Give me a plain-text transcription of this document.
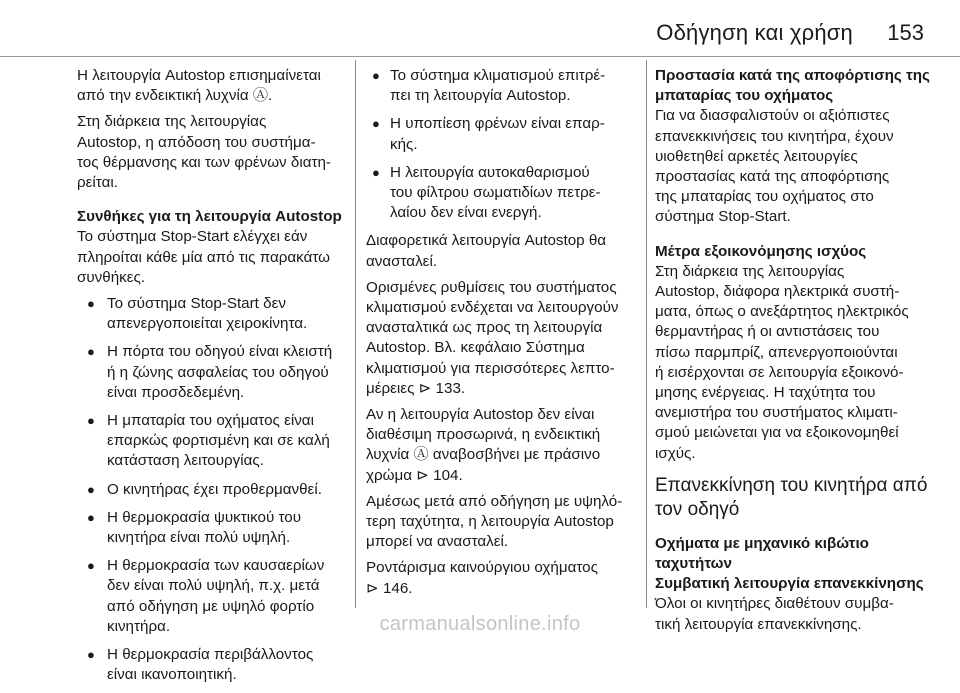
Οδήγηση και χρήση 153

Η λειτουργία Autostop επισημαίνεται
από την ενδεικτική λυχνία Ⓐ.

Στη διάρκεια της λειτουργίας
Autostop, η απόδοση του συστήμα-
τος θέρμανσης και των φρένων διατη-
ρείται.

Συνθήκες για τη λειτουργία Autostop

Το σύστημα Stop-Start ελέγχει εάν
πληροίται κάθε μία από τις παρακάτω
συνθήκες.

● Το σύστημα Stop-Start δεν
απενεργοποιείται χειροκίνητα.
● Η πόρτα του οδηγού είναι κλειστή
ή η ζώνης ασφαλείας του οδηγού
είναι προσδεδεμένη.
● Η μπαταρία του οχήματος είναι
επαρκώς φορτισμένη και σε καλή
κατάσταση λειτουργίας.
● Ο κινητήρας έχει προθερμανθεί.
● Η θερμοκρασία ψυκτικού του
κινητήρα είναι πολύ υψηλή.
● Η θερμοκρασία των καυσαερίων
δεν είναι πολύ υψηλή, π.χ. μετά
από οδήγηση με υψηλό φορτίο
κινητήρα.
● Η θερμοκρασία περιβάλλοντος
είναι ικανοποιητική.
● Το σύστημα κλιματισμού επιτρέ-
πει τη λειτουργία Autostop.
● Η υποπίεση φρένων είναι επαρ-
κής.
● Η λειτουργία αυτοκαθαρισμού
του φίλτρου σωματιδίων πετρε-
λαίου δεν είναι ενεργή.

Διαφορετικά λειτουργία Autostop θα
ανασταλεί.

Ορισμένες ρυθμίσεις του συστήματος
κλιματισμού ενδέχεται να λειτουργούν
ανασταλτικά ως προς τη λειτουργία
Autostop. Βλ. κεφάλαιο Σύστημα
κλιματισμού για περισσότερες λεπτο-
μέρειες ⊳ 133.

Αν η λειτουργία Autostop δεν είναι
διαθέσιμη προσωρινά, η ενδεικτική
λυχνία Ⓐ αναβοσβήνει με πράσινο
χρώμα ⊳ 104.

Αμέσως μετά από οδήγηση με υψηλό-
τερη ταχύτητα, η λειτουργία Autostop
μπορεί να ανασταλεί.

Ροντάρισμα καινούργιου οχήματος
⊳ 146.

Προστασία κατά της αποφόρτισης της
μπαταρίας του οχήματος

Για να διασφαλιστούν οι αξιόπιστες
επανεκκινήσεις του κινητήρα, έχουν
υιοθετηθεί αρκετές λειτουργίες
προστασίας κατά της αποφόρτισης
της μπαταρίας του οχήματος στο
σύστημα Stop-Start.

Μέτρα εξοικονόμησης ισχύος

Στη διάρκεια της λειτουργίας
Autostop, διάφορα ηλεκτρικά συστή-
ματα, όπως ο ανεξάρτητος ηλεκτρικός
θερμαντήρας ή οι αντιστάσεις του
πίσω παρμπρίζ, απενεργοποιούνται
ή εισέρχονται σε λειτουργία εξοικονό-
μησης ενέργειας. Η ταχύτητα του
ανεμιστήρα του συστήματος κλιματι-
σμού μειώνεται για να εξοικονομηθεί
ισχύς.

Επανεκκίνηση του κινητήρα από
τον οδηγό

Οχήματα με μηχανικό κιβώτιο
ταχυτήτων

Συμβατική λειτουργία επανεκκίνησης

Όλοι οι κινητήρες διαθέτουν συμβα-
τική λειτουργία επανεκκίνησης.

carmanualsonline.info
